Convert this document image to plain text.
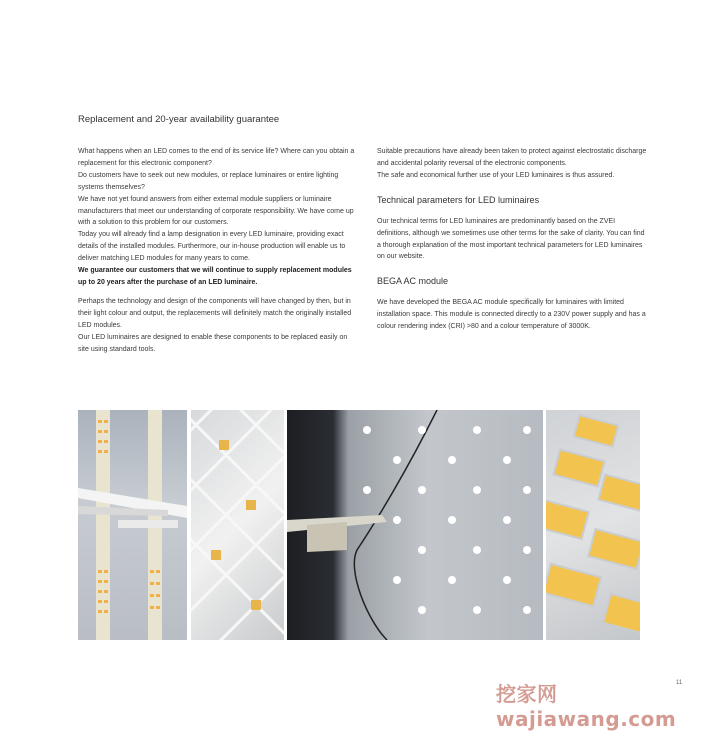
Replacement and 20-year availability guarantee

What happens when an LED comes to the end of its service life? Where can you obtain a replacement for this electronic component?

Do customers have to seek out new modules, or replace luminaires or entire lighting systems themselves?

We have not yet found answers from either external module suppliers or luminaire manufacturers that meet our understanding of corporate responsibility. We have come up with a solution to this problem for our customers.

Today you will already find a lamp designation in every LED luminaire, providing exact details of the installed modules. Furthermore, our in-house production will enable us to deliver matching LED modules for many years to come.

We guarantee our customers that we will continue to supply replacement modules up to 20 years after the purchase of an LED luminaire.

Perhaps the technology and design of the components will have changed by then, but in their light colour and output, the replacements will definitely match the originally installed LED modules.

Our LED luminaires are designed to enable these components to be replaced easily on site using standard tools.

Suitable precautions have already been taken to protect against electrostatic discharge and accidental polarity reversal of the electronic components.

The safe and economical further use of your LED luminaires is thus assured.

Technical parameters for LED luminaires

Our technical terms for LED luminaires are predominantly based on the ZVEI definitions, although we sometimes use other terms for the sake of clarity. You can find a thorough explanation of the most important technical parameters for LED luminaires on our website.

BEGA AC module

We have developed the BEGA AC module specifically for luminaires with limited installation space. This module is connected directly to a 230V power supply and has a colour rendering index (CRI) >80 and a colour temperature of 3000K.

挖家网 wajiawang.com
11
